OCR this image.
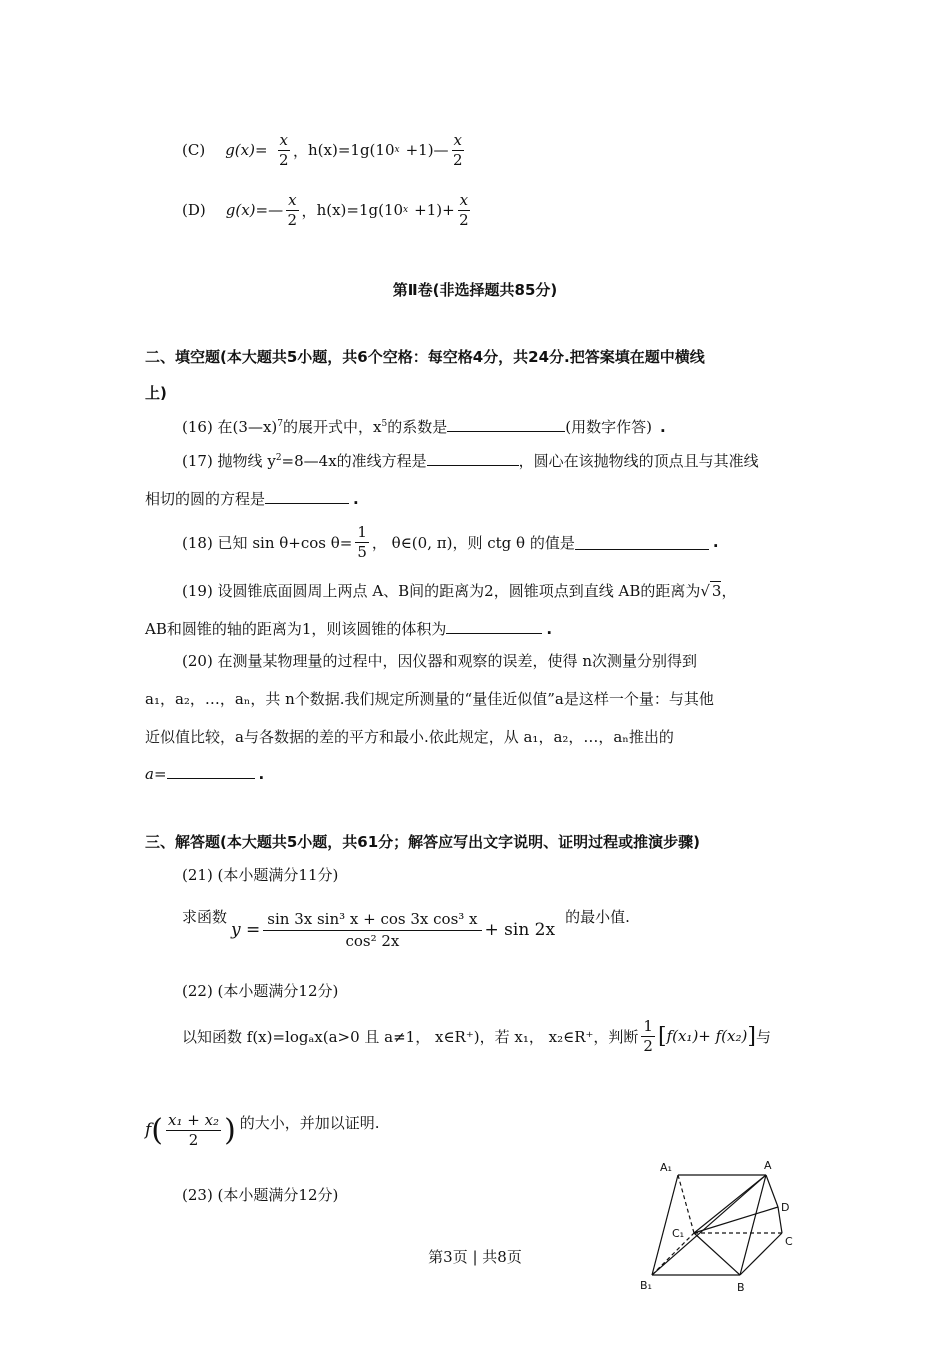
(C) $g(x)= \frac{x}{2}$ ， h(x)=1g(10 x +1)— $\frac{x}{2}$
(D) g(x)=— $\frac{x}{2}$ ， h(x)=1g(10 $x +1)+ \frac{x}{2}$
第Ⅱ卷(非选择题共85分)
二、填空题(本大题共5小题，共6个空格：每空格4分，共24分.把答案填在题中横线
上)
(16) 在(3—x)$^7$的展开式中，$x^5$的系数是	(用数字作答) .
(17) 抛物线 $y^2=8—4x$的准线方程是	，圆心在该抛物线的顶点且与其准线
相切的圆的方程是	.
(18) 已知 sin θ+cos $\theta= \frac{1}{5}$ ， θ∈(0, π)，则 ctg θ 的值是	.
(19) 设圆锥底面圆周上两点 A、B间的距离为2，圆锥项点到直线 AB的距离为√ 3，
AB和圆锥的轴的距离为1，则该圆锥的体积为	.
(20) 在测量某物理量的过程中，因仪器和观察的误差，使得 n次测量分别得到
a₁，a₂，…，aₙ，共 n个数据.我们规定所测量的“量佳近似值”a是这样一个量：与其他
近似值比较，a与各数据的差的平方和最小.依此规定，从 a₁，a₂，…，aₙ推出的
a=	.
三、解答题(本大题共5小题，共61分；解答应写出文字说明、证明过程或推演步骤)
(21) (本小题满分11分)
求函数
$y = \frac{\text{sin 3x sin³ x + cos 3x cos³ x}}{\text{cos² 2x}} + \sin 2x$
的最小值.
(22) (本小题满分12分)
以知函数 f(x)=logₐx(a>0 且 a≠1， x∈R⁺)，若 x₁， x₂∈R⁺，判断 $\frac{1}{2}$ [ f(x₁)+ f(x₂) ] 与
f ( $\frac{\text{x₁ + x₂}}{2}$ ) 的大小，并加以证明.
(23) (本小题满分12分)
第3页 | 共8页
A₁	A
D
C₁
C
B₁	B
